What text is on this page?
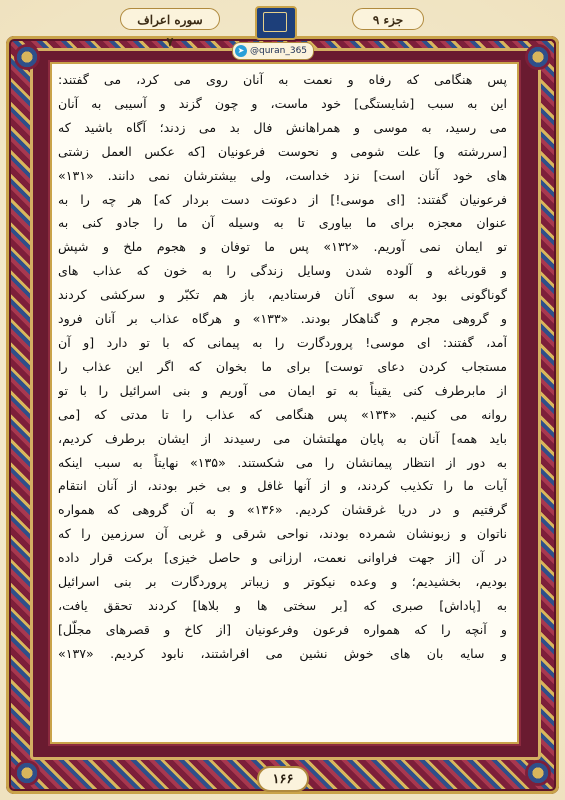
سوره اعراف ۷
جزء ۹
➤ @quran_365
پس هنگامی که رفاه و نعمت به آنان روی می کرد، می گفتند:
این به سبب [شایستگی] خود ماست، و چون گزند و آسیبی به آنان
می رسید، به موسی و همراهانش فال بد می زدند؛ آگاه باشید که
[سررشته و] علت شومی و نحوست فرعونیان [که عکس العمل زشتی
های خود آنان است] نزد خداست، ولی بیشترشان نمی دانند. «۱۳۱»
فرعونیان گفتند: [ای موسی!] از دعوتت دست بردار که] هر چه را به
عنوان معجزه برای ما بیاوری تا به وسیله آن ما را جادو کنی به
تو ایمان نمی آوریم. «۱۳۲» پس ما توفان و هجوم ملخ و شپش
و قورباغه و آلوده شدن وسایل زندگی را به خون که عذاب های
گوناگونی بود به سوی آنان فرستادیم، باز هم تکبّر و سرکشی کردند
و گروهی مجرم و گناهکار بودند. «۱۳۳» و هرگاه عذاب بر آنان فرود
آمد، گفتند: ای موسی! پروردگارت را به پیمانی که با تو دارد [و آن
مستجاب کردن دعای توست] برای ما بخوان که اگر این عذاب را
از مابرطرف کنی یقیناً به تو ایمان می آوریم و بنی اسرائیل را با تو
روانه می کنیم. «۱۳۴» پس هنگامی که عذاب را تا مدتی که [می
باید همه] آنان به پایان مهلتشان می رسیدند از ایشان برطرف کردیم،
به دور از انتظار پیمانشان را می شکستند. «۱۳۵» نهایتاً به سبب اینکه
آیات ما را تکذیب کردند، و از آنها غافل و بی خبر بودند، از آنان انتقام
گرفتیم و در دریا غرقشان کردیم. «۱۳۶» و به آن گروهی که همواره
ناتوان و زبونشان شمرده بودند، نواحی شرقی و غربی آن سرزمین را که
در آن [از جهت فراوانی نعمت، ارزانی و حاصل خیزی] برکت قرار داده
بودیم، بخشیدیم؛ و وعده نیکوتر و زیباتر پروردگارت بر بنی اسرائیل
به [پاداش] صبری که [بر سختی ها و بلاها] کردند تحقق یافت،
و آنچه را که همواره فرعون وفرعونیان [از کاخ و قصرهای مجلّل]
و سایه بان های خوش نشین می افراشتند، نابود کردیم. «۱۳۷»
۱۶۶
